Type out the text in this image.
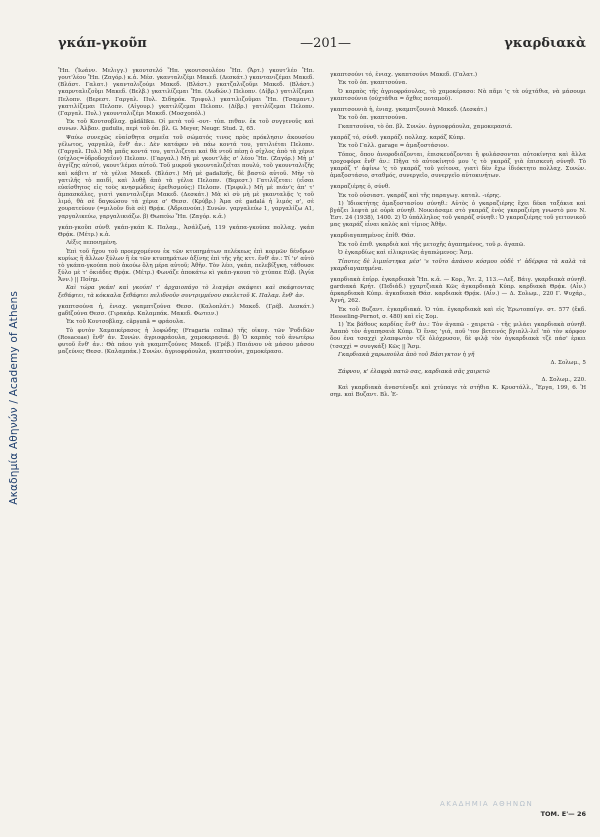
Ακαδημία Αθηνών / Academy of Athens
γκάπ-γκοῦπ	—201—	γκαρδιακὰ

Ἤπ. (Ἰωάνν. Μελιγγ.) γκουτσελό Ἤπ. γκουτσουλέου Ἤπ. (Ἄρτ.) γκουτ'λέο Ἤπ. γουτ'λέου Ἤπ. (Ζαγόρ.) κ.ἀ. Μέσ. γκανταλιζέμι Μακεδ. (Δεσκάτ.) γκαντανιζέμαι Μακεδ. (Βλάστ. Γαλατ.) γκανταλιζούμι Μακεδ. (Βλάστ.) γκατζαλιζοῦμι Μακεδ. (Βλάστ.) γκαρνταλιζοῦμι Μακεδ. (Βελβ.) γκατιλίζεμαι Ἤπ. (Δωδών.) Πελοπν. (Δίβρ.) γατιλίζεμαι Πελοπν. (Βερεστ. Γαργαλ. Πυλ. Σιδηρόκ. Τριφυλ.) γκατιλιζοῦμαι Ἤπ. (Τσαμαντ.) γκατιλίζεμαι Πελοπν. (Αἰγουρ.) γκατιλίζεμαι Πελοπν. (Δίβρ.) γατιλίζεμαι Πελοπν. (Γαργαλ. Πυλ.) γκουνταλιζέμι Μακεδ. (Μοσχοπόλ.)

Ἐκ τοῦ Κουτσοβλαχ. gădăliku. Οἱ μετὰ τοῦ -ουτ- τύπ. πιθαν. ἐκ τοῦ συγγενοῦς καὶ συνων. Ἀλβαν. gudulis, περὶ τοῦ ὁπ. βλ. G. Meyer, Neugr. Stud. 2, 65.

Ψαύω συνεχῶς εὐαίσθητα σημεῖα τοῦ σώματός τινος πρὸς πρόκλησιν ἀκουσίου γέλωτος, γαργαλῶ, ἔνθ' ἀν.: Δὲν κατάφεν νὰ πάω κοντά του, γατιλιέται Πελοπν. (Γαργαλ. Πυλ.) Μὴ μπᾶς κοντά του, γατιλιζεται καὶ θὰ ντοῦ πέσῃ ὁ σίχλος ἀπὸ τὰ χέρια (σίχλος=ὑδροδοχεῖον) Πελοπν. (Γαργαλ.) Μὴ μὲ γκουτ'λᾷς σ' λέου Ἤπ. (Ζαγόρ.) Μὴ μ' ἀγγίζῃς αὐτοῦ, γκουτ'λέμαι αὐτοῦ. Τοῦ μικροῦ γκουνταλιζεῖται πουλύ, τοῦ γκουνταλιζῆς καὶ κάβιτι π' τὰ γέλια Μακεδ. (Βλάστ.) Μὴ μὲ gadalizῆς, δὲ βαστῶ αὐτοῦ. Μὴν τὸ γατιλῆς τὸ παιδί, καὶ λυθῇ ἀπὸ τὰ γέλια Πελοπν. (Βερεστ.) Γατιλίζεται: (εἶσαι εὐαίσθητος εἰς τοὺς κνησμώδεις ἐρεθισμούς;) Πελοπν. (Τριφυλ.) Μὴ μὲ πιάν'ς ἀπ' τ' ἀμπασκάλες, γιατὶ γκανταλιζέμι Μακεδ. (Δεσκάτ.) Μὰ κὶ σὺ μὴ μὲ γκανταλᾷς 'ς τοῦ λιμό, θὰ σὲ δαγκώσου τὰ χέρια σ' Θεσσ. (Κρύβρ.) Ἀμα σὲ gadalá ἡ λιμός σ', σὲ χουρατεύουν (=μιλοῦν διὰ σὲ) Θρᾴκ. (Ἀδριανούπ.) Συνών. γαργαλεύω 1, γαργαλίζω Α1, γαργαλικεύω, γαργαλικιάζω. β) Θωπεύω Ἤπ. (Ζαγόρ. κ.ἀ.)

γκάπ-γκοῦπ σύνθ. γκάπ-γκάπ Κ. Παλαμ., Ἀσάλζωή, 119 γκάπα-γκούπα πολλαχ. γκάπ Θρᾴκ. (Μέτρ.) κ.ἀ.

Λέξις πεποιημένη.

Ἐπὶ τοῦ ἤχου τοῦ προερχομένου ἐκ τῶν κτυπημάτων πελέκεως ἐπὶ κορμῶν δένδρων κυρίως ἢ ἄλλων ξύλων ἢ ἐκ τῶν κτυπημάτων ἀξίνης ἐπὶ τῆς γῆς κττ. ἔνθ' ἀν.: Τί 'ν' αὐτὸ τὸ γκάπα-γκούπα ποὺ ἀκούω ὅλη μέρα αὐτοῦ; Ἀθῆν. Τὸν λέει, γκάπ, πελεβίξγκη, τάθουσε ξύλο μὲ τ' ὁκιάδες Θρᾴκ. (Μέτρ.) Φωνάζε ἀποκάτω κὶ γκάπ-γκουπ τὸ χτύπαε Εὐβ. (Ἁγία Ἄνν.) || Ποίημ.

Καὶ τώρα γκάπ! καὶ γκούπ! τ' ἀρχαιοπάγο τὸ λιαγάρι σκάφτει καὶ σκάφτοντας ξεθάφτει, τὰ κόκκαλα ξεθάφτει πελιδνοῦν συντριμμένου σκελετοῦ Κ. Παλαμ. ἔνθ' ἀν.

γκαπτσούνα ἡ, ἐνιαχ. γκαμπτζούνα Θεσσ. (Καλοπλάτ.) Μακεδ. (Γρέβ. Δεσκάτ.) gaδtζούνα Θεσσ. (Γιρακάρ. Καλαμπάκ. Μακεδ. Φωτειν.)

Ἐκ τοῦ Κουτσοβλαχ. căpșună = φράουλα.

Τὸ φυτὸν Χαμαικέρασος ἡ λοφώδης (Fragaria colina) τῆς οἰκογ. τῶν Ῥοδιδῶν (Rosaceae) ἔνθ' ἀν. Συνών. ἀγριοφράουλα, χαμοκερασιά. β) Ὁ καρπὸς τοῦ ἀνωτέρω φυτοῦ ἔνθ' ἀν.: Θὰ πάου γιὰ γκαμπτζούνες Μακεδ. (Γρέβ.) Παιάνου νὰ μάσου μάσου μαζεύνες Θεσσ. (Καλαμπάκ.) Συνών. ἀγριοφράουλα, γκαπτσούνι, χαμοκέρασο.

γκαπτσούνι τό, ἐνιαχ. γκαπτσούνι Μακεδ. (Γαλατ.)

Ἐκ τοῦ ὁπ. γκαπτσούνα.

Ὁ καρπὸς τῆς ἀγριοφράουλας, τὸ χαμοκέρασο: Νὰ πᾶμι 'ς τὰ ούχτάθια, νὰ μάσουμι γκαπτσούνια (ούχτάθια = ὄχθες ποταμοῦ).

γκαπτσουνιὰ ἡ, ἐνιαχ. γκαμπτζουνιὰ Μακεδ. (Δεσκάτ.)

Ἐκ τοῦ ὁπ. γκαπτσούνα.

Γκαπτσούνα, τὸ ὁπ. βλ. Συνών. ἀγριοφράουλα, χαμοκερασιά.

γκαράζ τό, σύνθ. γκαράζι πολλαχ. καράζ Κύπρ.

Ἐκ τοῦ Γαλλ. garage = ἁμαξοστάσιον.

Τόπος, ὅπου ἀνεφοδιάζονται, ἐπισκευάζονται ἢ φυλάσσονται αὐτοκίνητα καὶ ἄλλα τροχοφόρα ἔνθ' ἀν.: Πῆγα τὸ αὐτοκίνητό μου 'ς τὸ γκαράζ γιὰ ἐπισκευὴ σύνηθ. Τὸ γκαράζ τ' ἀφίνω 'ς τὸ γκαράζ τοῦ γείτονα, γιατὶ δὲν ἔχω ἰδιόκτητο πολλαχ. Συνών. ἁμαξοστάσιο, σταθμός, συνεργεῖο, συνεργεῖο αὐτοκινήτων.

γκαραζιέρης ὁ, σύνθ.

Ἐκ τοῦ οὐσιαστ. γκαράζ καὶ τῆς παραγωγ. καταλ. -ιέρης.

1) Ἰδιοκτήτης ἁμαξοστασίου σύνηθ.: Αὐτὸς ὁ γκαραζιέρης ἔχει δέκα ταξάκια καὶ βγάζει λεφτὰ μὲ οὐρὰ σύνηθ. Νοικιάσαμε στὸ γκαράζ ἐνὸς γκαραζιέρη γνωστὸ μου Ν. Ἑστ. 24 (1938), 1400. 2) Ὁ ὑπάλληλος τοῦ γκαράζ σύνηθ.: Ὁ γκαραζιέρης τοῦ γειτονικοῦ μας γκαράζ εἶναι καλὸς καὶ τίμιος Ἀθῆν.

γκαρδιαγαπημένος ἐπίθ. Θάσ.

Ἐκ τοῦ ἐπιθ. γκαρδιὰ καὶ τῆς μετοχῆς ἀγαπημένος, τοῦ ρ. ἀγαπῶ.

Ὁ ἐγκαρδίως καὶ εἰλικρινῶς ἀγαπώμενος: Ἄσμ.

Τίποτες δὲ λιμπίστηκα μέσ' 's τοῦτο ἀπάνου κόσμου οὐδὲ τ' ἀδέρφια τὰ καλὰ τὰ γκαρδιαγαπημένα.

γκαρδιακὰ ἐπίρρ. ἐγκαρδιακὰ Ἤπ. κ.ἀ. — Κορ., Ἄτ. 2, 113.—Λεξ. Βάιγ. γκαρδιακὰ σύνηθ. gardιακά Κρήτ. (Πεδιάδ.) γχαρτζιακὰ Κῶς ἀγκαρδιακὰ Κύπρ. καρδιακὰ Θρᾴκ. (Αἶν.) ἀρκαρδιακὰ Κύπρ. ἀγκαδιακὰ Θάσ. καρδιακὰ Θρᾴκ. (Αἶν.) — Δ. Σολωμ., 220 Γ. Ψυχάρ., Ἀγνή, 262.

Ἐκ τοῦ Βυζαντ. ἐγκαρδιακά. Ὁ τύπ. ἐγκαρδιακὰ καὶ εἰς Ἐρωτοπαίγν. στ. 577 (ἔκδ. Hesseling-Pernot, σ. 480) καὶ εἰς Σομ.

1) Ἐκ βάθους καρδίας ἔνθ' ἀν.: Τὸν ἀγαπῶ - χαιρετῶ - τῆς μιλάει γκαρδιακὰ σύνηθ. Ἀπαπὸ τὸν ἀγαπησαιὰ Κύπρ. Ὁ ἔνας 'γιά, ποῦ 'τον βετεινός βγιαλλ-λεῖ 'πὸ τὸν κόρφον ὅου ἐνα τσαχχὶ χλαπφωτὸν τζὲ ὀλόχρυσον, δὲ φιλᾷ τὸν ἀγκαρδιακὰ τζὲ πάσ' ἐρκει (τσαχχὶ = συυγκάξ) Κῶς || Ἄσμ.

Γκαρδιακὰ χαρωπούλα ἀπὸ τοῦ Βάσιγκτον ἡ γῆ

Δ. Σολωμ., 5

Ξάφνου, κ' ἐλαφρὰ πατῶ σας, καρδιακὰ σᾶς χαιρετῶ

Δ. Σολωμ., 220.

Καὶ γκαρδιακὰ ἀναστέναξε καὶ χτύπαγε τὰ στήθια Κ. Κρυστάλλ., Ἔργα, 199, 6. Ἡ σημ. καὶ Βυζαντ. Βλ. Ἐ-

ΤΟΜ. Ε'— 26
ΑΚΑΔΗΜΙΑ ΑΘΗΝΩΝ
